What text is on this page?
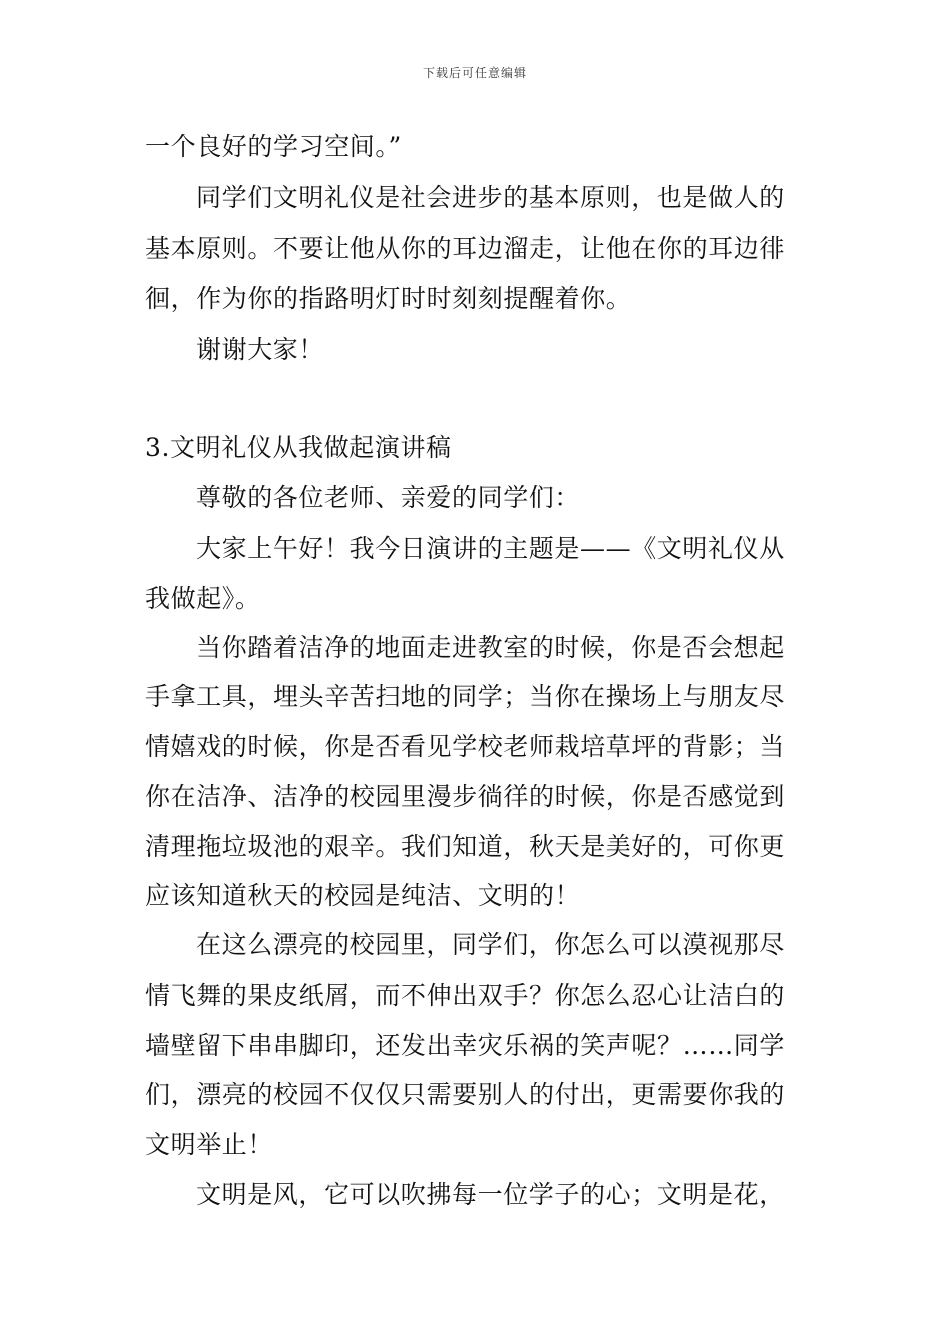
下载后可任意编辑
一个良好的学习空间。”
同学们文明礼仪是社会进步的基本原则，也是做人的
基本原则。不要让他从你的耳边溜走，让他在你的耳边徘
徊，作为你的指路明灯时时刻刻提醒着你。
谢谢大家！
3.文明礼仪从我做起演讲稿
尊敬的各位老师、亲爱的同学们：
大家上午好！我今日演讲的主题是——《文明礼仪从
我做起》。
当你踏着洁净的地面走进教室的时候，你是否会想起
手拿工具，埋头辛苦扫地的同学；当你在操场上与朋友尽
情嬉戏的时候，你是否看见学校老师栽培草坪的背影；当
你在洁净、洁净的校园里漫步徜徉的时候，你是否感觉到
清理拖垃圾池的艰辛。我们知道，秋天是美好的，可你更
应该知道秋天的校园是纯洁、文明的！
在这么漂亮的校园里，同学们，你怎么可以漠视那尽
情飞舞的果皮纸屑，而不伸出双手？你怎么忍心让洁白的
墙壁留下串串脚印，还发出幸灾乐祸的笑声呢？……同学
们，漂亮的校园不仅仅只需要别人的付出，更需要你我的
文明举止！
文明是风，它可以吹拂每一位学子的心；文明是花，
